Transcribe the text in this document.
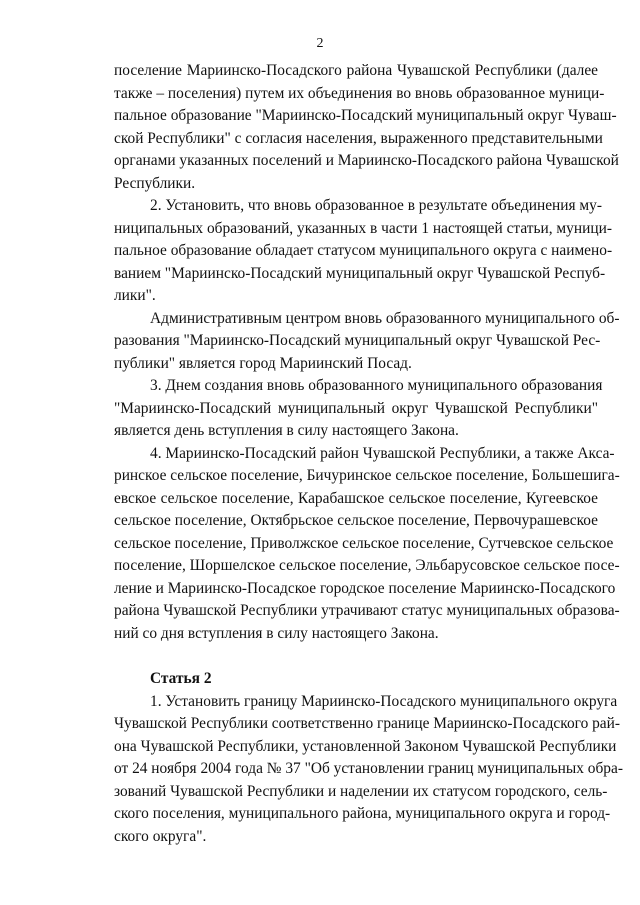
2
поселение Мариинско-Посадского района Чувашской Республики (далее
также – поселения) путем их объединения во вновь образованное муници-
пальное образование "Мариинско-Посадский муниципальный округ Чуваш-
ской Республики" с согласия населения, выраженного представительными
органами указанных поселений и Мариинско-Посадского района Чувашской
Республики.
2. Установить, что вновь образованное в результате объединения му-
ниципальных образований, указанных в части 1 настоящей статьи, муници-
пальное образование обладает статусом муниципального округа с наимено-
ванием "Мариинско-Посадский муниципальный округ Чувашской Респуб-
лики".
Административным центром вновь образованного муниципального об-
разования "Мариинско-Посадский муниципальный округ Чувашской Рес-
публики" является город Мариинский Посад.
3. Днем создания вновь образованного муниципального образования
"Мариинско-Посадский муниципальный округ Чувашской Республики"
является день вступления в силу настоящего Закона.
4. Мариинско-Посадский район Чувашской Республики, а также Акса-
ринское сельское поселение, Бичуринское сельское поселение, Большешига-
евское сельское поселение, Карабашское сельское поселение, Кугеевское
сельское поселение, Октябрьское сельское поселение, Первочурашевское
сельское поселение, Приволжское сельское поселение, Сутчевское сельское
поселение, Шоршелское сельское поселение, Эльбарусовское сельское посе-
ление и Мариинско-Посадское городское поселение Мариинско-Посадского
района Чувашской Республики утрачивают статус муниципальных образова-
ний со дня вступления в силу настоящего Закона.
Статья 2
1. Установить границу Мариинско-Посадского муниципального округа
Чувашской Республики соответственно границе Мариинско-Посадского рай-
она Чувашской Республики, установленной Законом Чувашской Республики
от 24 ноября 2004 года № 37 "Об установлении границ муниципальных обра-
зований Чувашской Республики и наделении их статусом городского, сель-
ского поселения, муниципального района, муниципального округа и город-
ского округа".
